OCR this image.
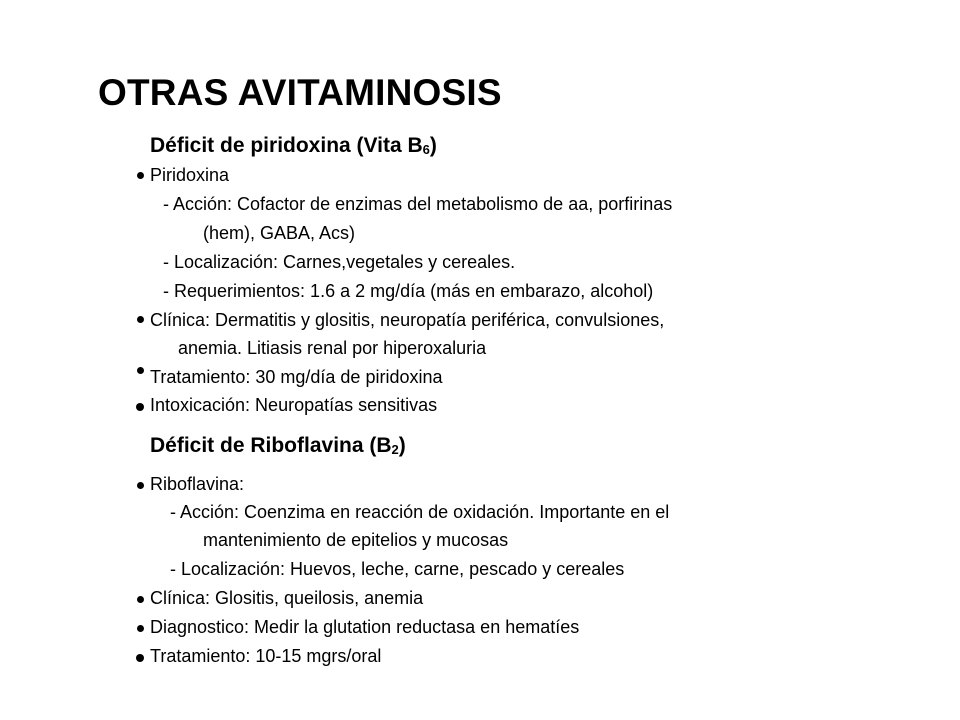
OTRAS AVITAMINOSIS
Déficit de piridoxina (Vita $B_6$)
Piridoxina
- Acción: Cofactor de enzimas del metabolismo de aa, porfirinas
(hem), GABA, Acs)
- Localización: Carnes,vegetales y cereales.
- Requerimientos: 1.6 a 2 mg/día (más en embarazo, alcohol)
Clínica: Dermatitis y glositis, neuropatía periférica, convulsiones,
anemia. Litiasis renal por hiperoxaluria
Tratamiento: 30 mg/día de piridoxina
Intoxicación: Neuropatías sensitivas
Déficit de Riboflavina $(B_2)$
Riboflavina:
- Acción: Coenzima en reacción de oxidación. Importante en el
mantenimiento de epitelios y mucosas
- Localización: Huevos, leche, carne, pescado y cereales
Clínica: Glositis, queilosis, anemia
Diagnostico: Medir la glutation reductasa en hematíes
Tratamiento: 10-15 mgrs/oral
